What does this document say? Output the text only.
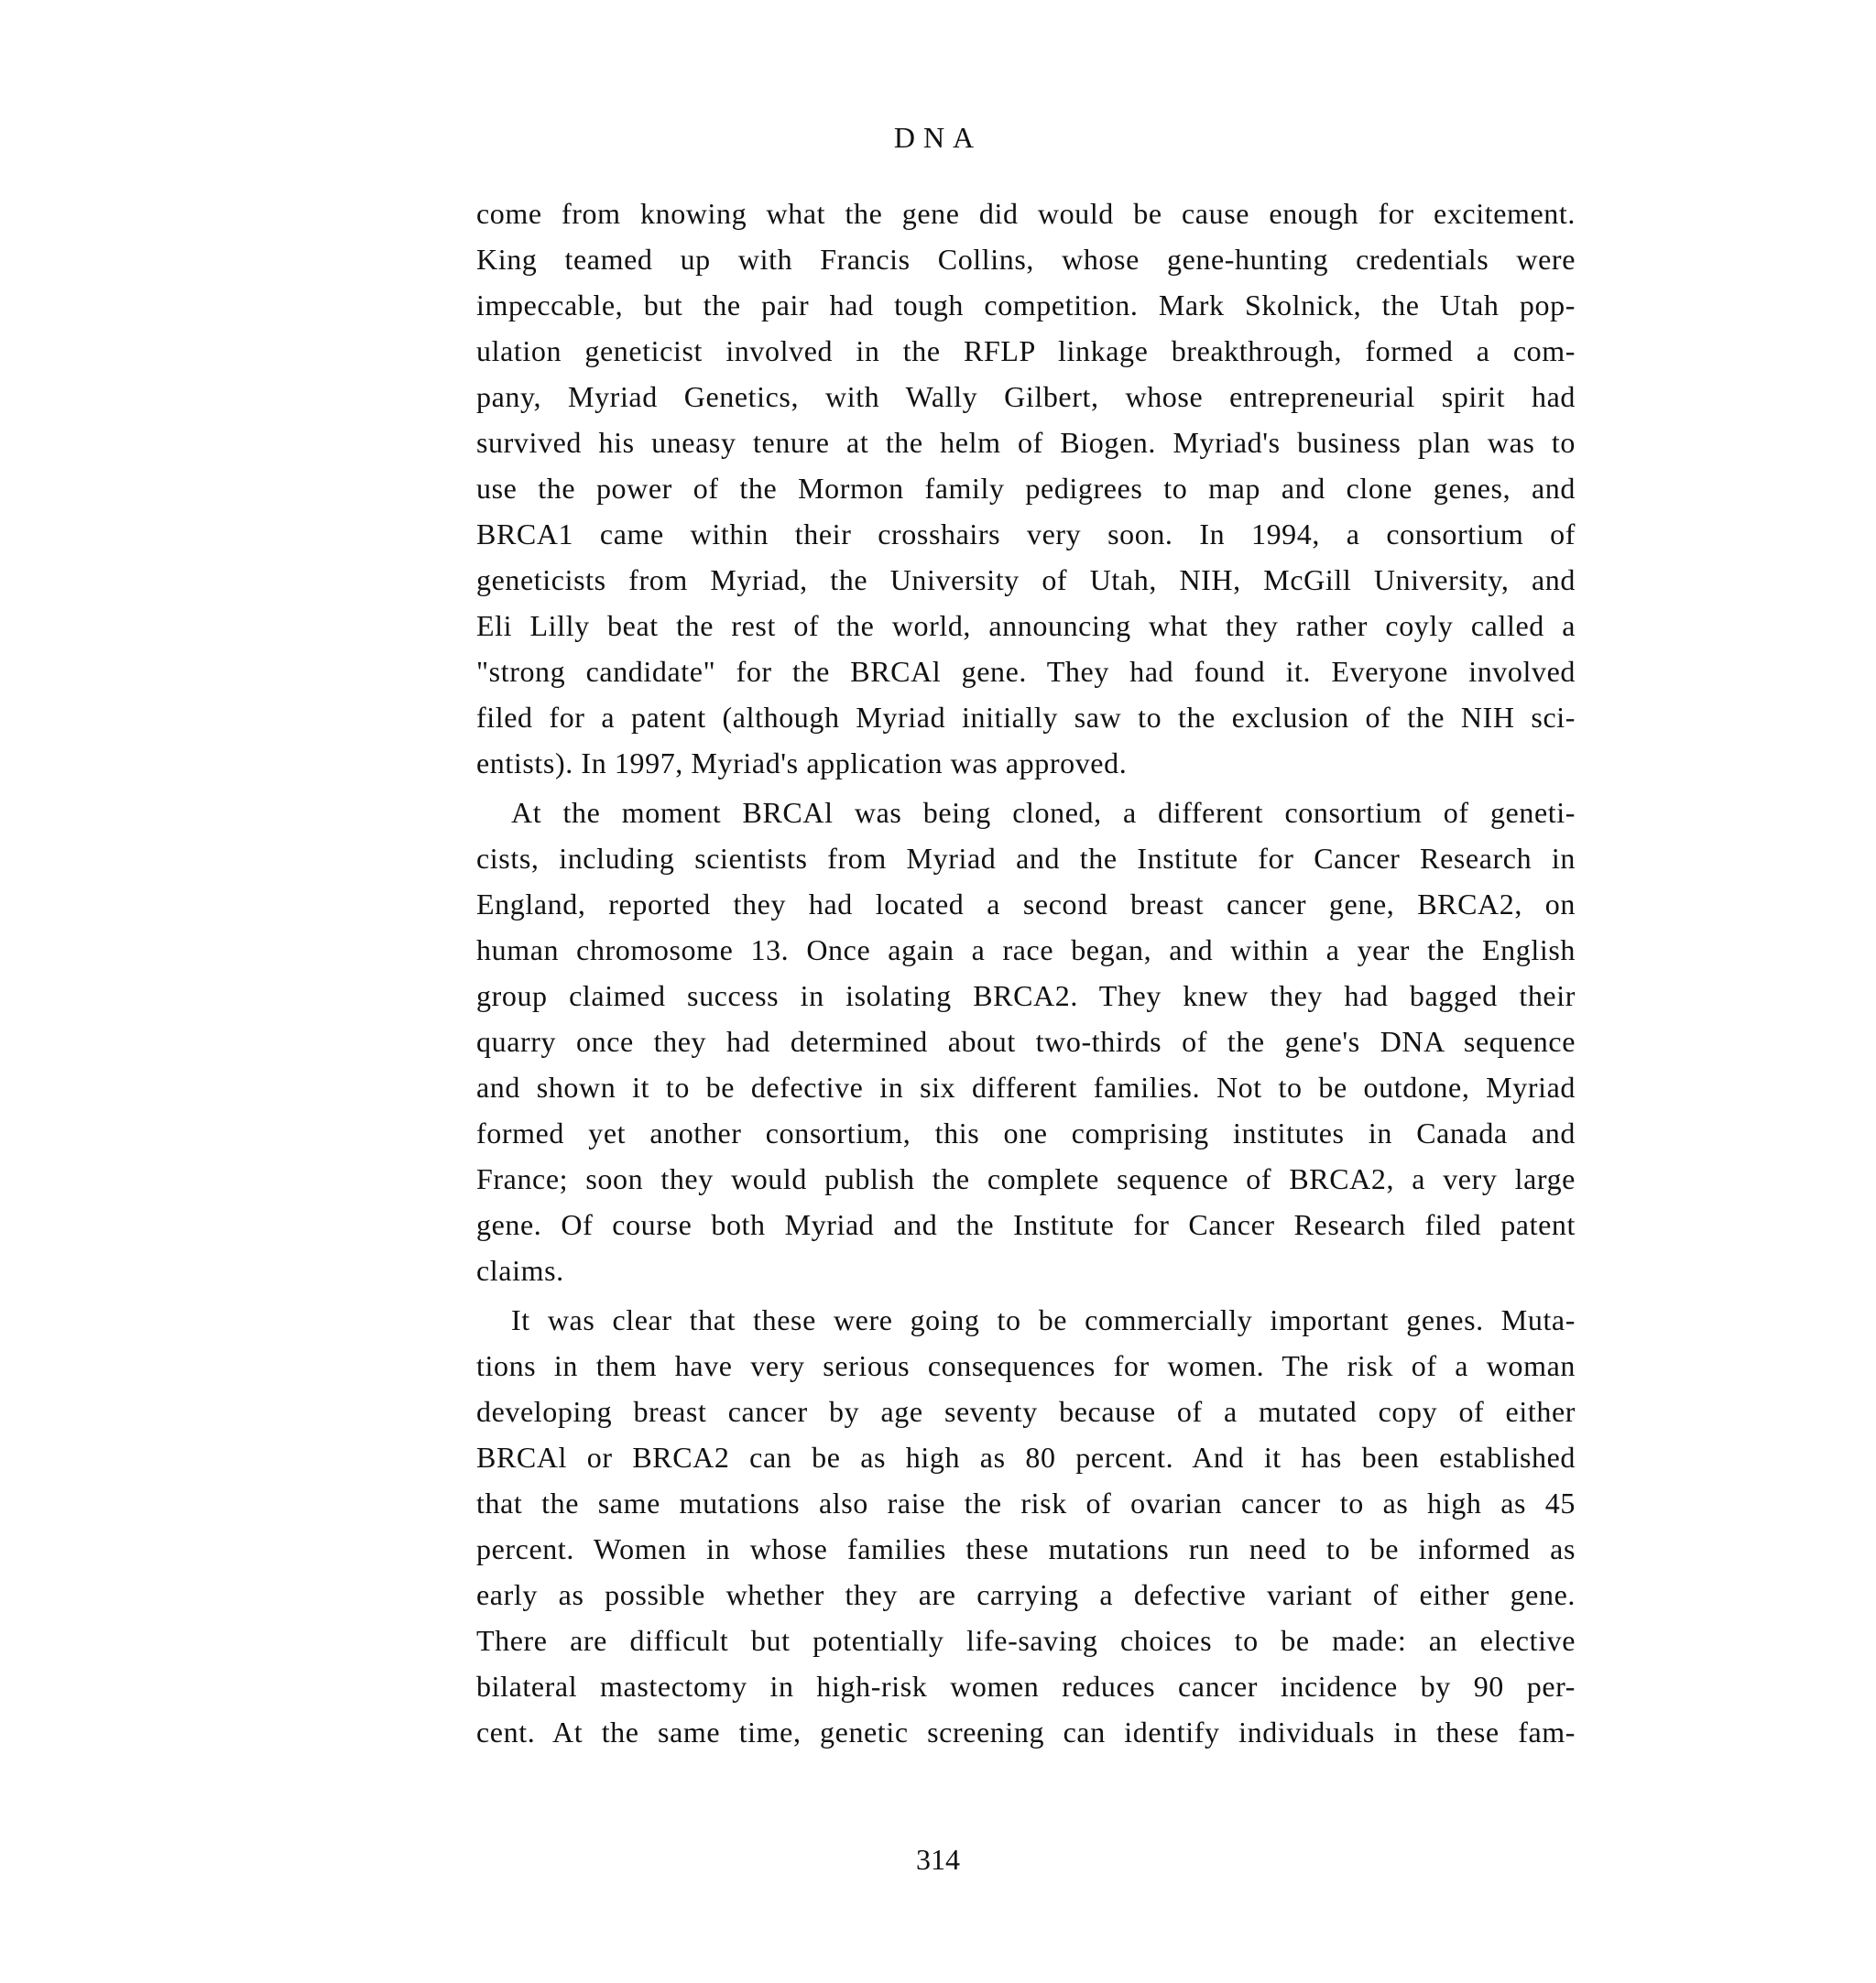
DNA
come from knowing what the gene did would be cause enough for excitement.
King teamed up with Francis Collins, whose gene-hunting credentials were
impeccable, but the pair had tough competition. Mark Skolnick, the Utah pop-
ulation geneticist involved in the RFLP linkage breakthrough, formed a com-
pany, Myriad Genetics, with Wally Gilbert, whose entrepreneurial spirit had
survived his uneasy tenure at the helm of Biogen. Myriad's business plan was to
use the power of the Mormon family pedigrees to map and clone genes, and
BRCA1 came within their crosshairs very soon. In 1994, a consortium of
geneticists from Myriad, the University of Utah, NIH, McGill University, and
Eli Lilly beat the rest of the world, announcing what they rather coyly called a
"strong candidate" for the BRCAl gene. They had found it. Everyone involved
filed for a patent (although Myriad initially saw to the exclusion of the NIH sci-
entists). In 1997, Myriad's application was approved.
At the moment BRCAl was being cloned, a different consortium of geneti-
cists, including scientists from Myriad and the Institute for Cancer Research in
England, reported they had located a second breast cancer gene, BRCA2, on
human chromosome 13. Once again a race began, and within a year the English
group claimed success in isolating BRCA2. They knew they had bagged their
quarry once they had determined about two-thirds of the gene's DNA sequence
and shown it to be defective in six different families. Not to be outdone, Myriad
formed yet another consortium, this one comprising institutes in Canada and
France; soon they would publish the complete sequence of BRCA2, a very large
gene. Of course both Myriad and the Institute for Cancer Research filed patent
claims.
It was clear that these were going to be commercially important genes. Muta-
tions in them have very serious consequences for women. The risk of a woman
developing breast cancer by age seventy because of a mutated copy of either
BRCAl or BRCA2 can be as high as 80 percent. And it has been established
that the same mutations also raise the risk of ovarian cancer to as high as 45
percent. Women in whose families these mutations run need to be informed as
early as possible whether they are carrying a defective variant of either gene.
There are difficult but potentially life-saving choices to be made: an elective
bilateral mastectomy in high-risk women reduces cancer incidence by 90 per-
cent. At the same time, genetic screening can identify individuals in these fam-
314
